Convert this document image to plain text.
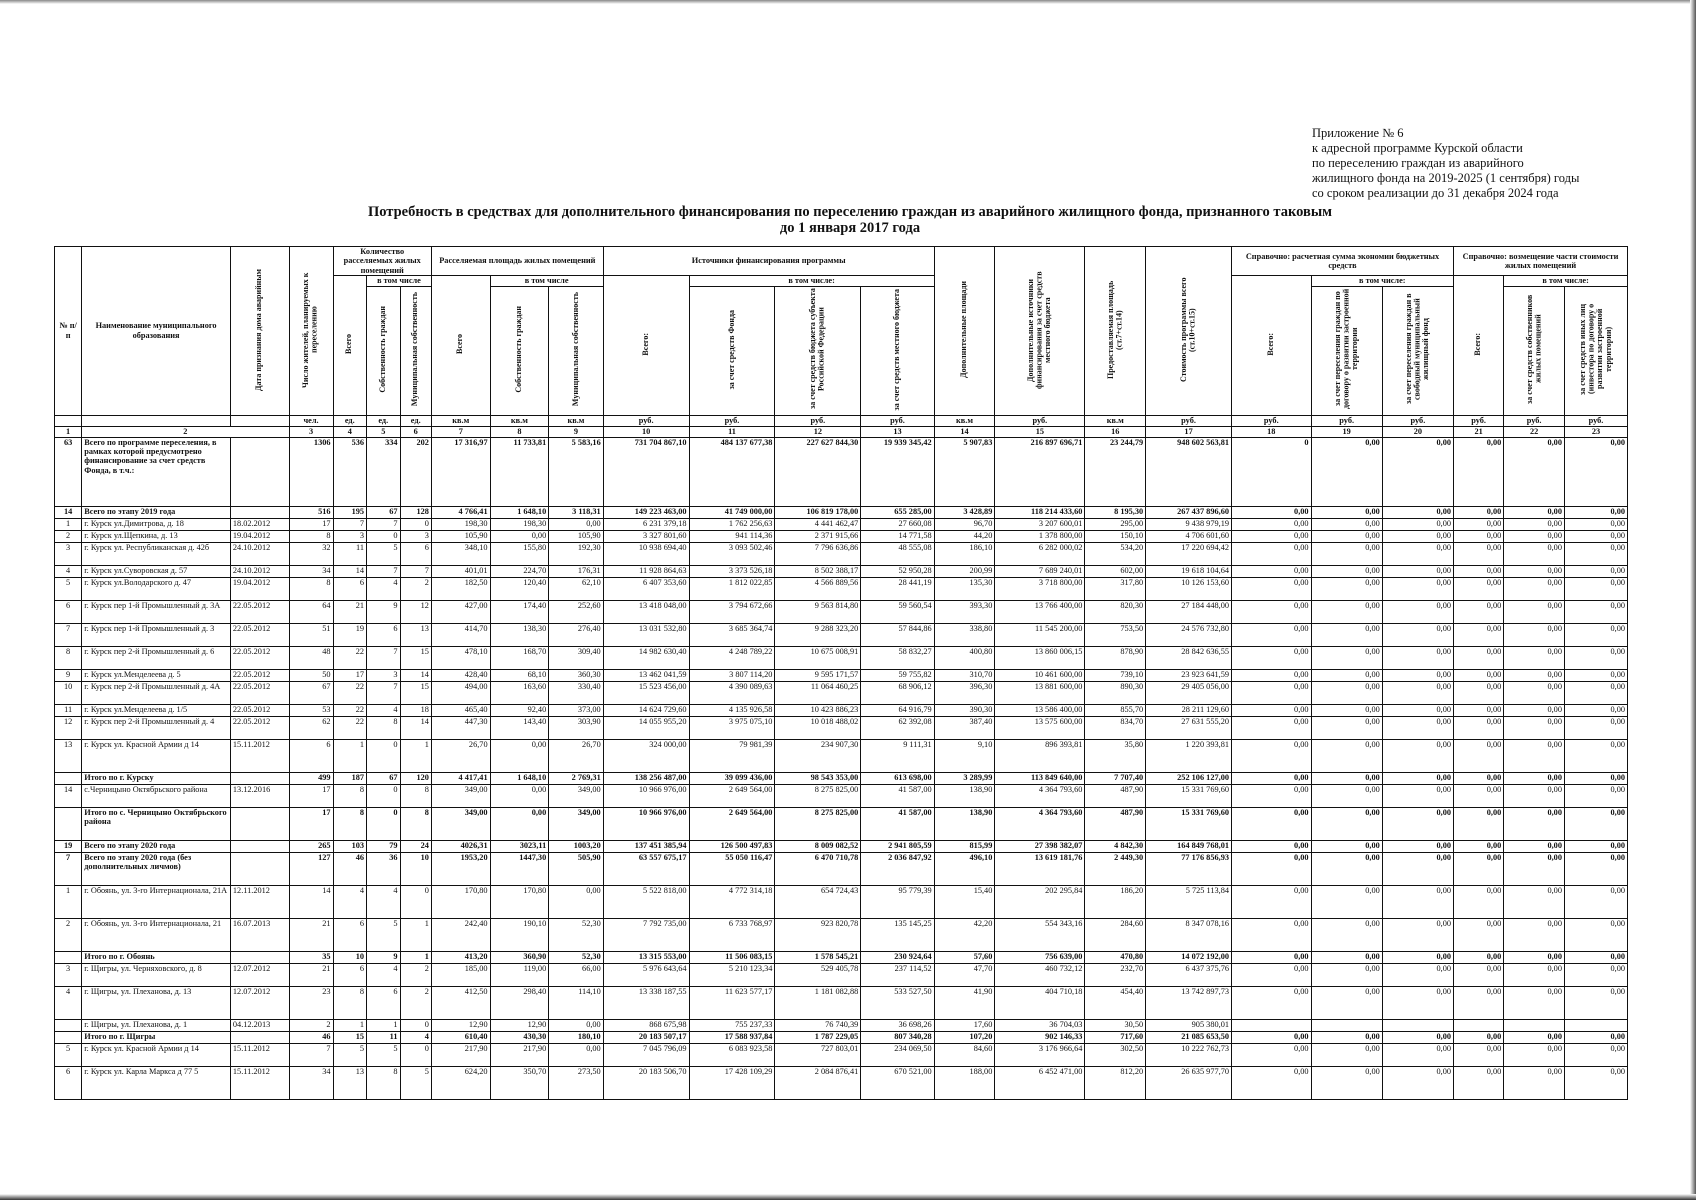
Приложение № 6
к адресной программе Курской области
по переселению граждан из аварийного
жилищного фонда на 2019-2025 (1 сентября) годы
со сроком реализации до 31 декабря 2024 года
Потребность в средствах для дополнительного финансирования по переселению граждан из аварийного жилищного фонда, признанного таковым
до 1 января 2017 года
№ п/п	Наименование муниципального образования	Дата признания дома аварийным	Число жителей, планируемых к переселению	Количество расселяемых жилых помещений			Расселяемая площадь жилых помещений			Источники финансирования программы				Дополнительные площади	Дополнительные источники финансирования за счет средств местного бюджета	Предоставляемая площадь (ст.7+ст.14)	Стоимость программы всего (ст.10+ст.15)	Справочно: расчетная сумма экономии бюджетных средств			Справочно: возмещение части стоимости жилых помещений		
				Всего	в том числе		Всего	в том числе		Всего:	в том числе:							Всего:	в том числе:		Всего:	в том числе:	
					Собственность граждан	Муниципальная собственность		Собственность граждан	Муниципальная собственность		за счет средств Фонда	за счет средств бюджета субъекта Российской Федерации	за счет средств местного бюджета						за счет переселения граждан по договору о развитии застроенной территории	за счет переселения граждан в свободный муниципальный жилищный фонд		за счет средств собственников жилых помещений	за счет средств иных лиц (инвестора по договору о развитии застроенной территории)
			чел.	ед.	ед.	ед.	кв.м	кв.м	кв.м	руб.	руб.	руб.	руб.	кв.м	руб.	кв.м	руб.	руб.	руб.	руб.	руб.	руб.	руб.
1	2		3	4	5	6	7	8	9	10	11	12	13	14	15	16	17	18	19	20	21	22	23
63	Всего по программе переселения, в рамках которой предусмотрено финансирование за счет средств Фонда, в т.ч.:		1306	536	334	202	17 316,97	11 733,81	5 583,16	731 704 867,10	484 137 677,38	227 627 844,30	19 939 345,42	5 907,83	216 897 696,71	23 244,79	948 602 563,81	0	0,00	0,00	0,00	0,00	0,00
14	Всего по этапу 2019 года		516	195	67	128	4 766,41	1 648,10	3 118,31	149 223 463,00	41 749 000,00	106 819 178,00	655 285,00	3 428,89	118 214 433,60	8 195,30	267 437 896,60	0,00	0,00	0,00	0,00	0,00	0,00
1	г. Курск ул.Димитрова, д. 18	18.02.2012	17	7	7	0	198,30	198,30	0,00	6 231 379,18	1 762 256,63	4 441 462,47	27 660,08	96,70	3 207 600,01	295,00	9 438 979,19	0,00	0,00	0,00	0,00	0,00	0,00
2	г. Курск ул.Щепкина, д. 13	19.04.2012	8	3	0	3	105,90	0,00	105,90	3 327 801,60	941 114,36	2 371 915,66	14 771,58	44,20	1 378 800,00	150,10	4 706 601,60	0,00	0,00	0,00	0,00	0,00	0,00
3	г. Курск ул. Республиканская д. 42б	24.10.2012	32	11	5	6	348,10	155,80	192,30	10 938 694,40	3 093 502,46	7 796 636,86	48 555,08	186,10	6 282 000,02	534,20	17 220 694,42	0,00	0,00	0,00	0,00	0,00	0,00
4	г. Курск ул.Суворовская д. 57	24.10.2012	34	14	7	7	401,01	224,70	176,31	11 928 864,63	3 373 526,18	8 502 388,17	52 950,28	200,99	7 689 240,01	602,00	19 618 104,64	0,00	0,00	0,00	0,00	0,00	0,00
5	г. Курск ул.Володарского д. 47	19.04.2012	8	6	4	2	182,50	120,40	62,10	6 407 353,60	1 812 022,85	4 566 889,56	28 441,19	135,30	3 718 800,00	317,80	10 126 153,60	0,00	0,00	0,00	0,00	0,00	0,00
6	г. Курск пер 1-й Промышленный д. 3А	22.05.2012	64	21	9	12	427,00	174,40	252,60	13 418 048,00	3 794 672,66	9 563 814,80	59 560,54	393,30	13 766 400,00	820,30	27 184 448,00	0,00	0,00	0,00	0,00	0,00	0,00
7	г. Курск пер 1-й Промышленный д. 3	22.05.2012	51	19	6	13	414,70	138,30	276,40	13 031 532,80	3 685 364,74	9 288 323,20	57 844,86	338,80	11 545 200,00	753,50	24 576 732,80	0,00	0,00	0,00	0,00	0,00	0,00
8	г. Курск пер 2-й Промышленный д. 6	22.05.2012	48	22	7	15	478,10	168,70	309,40	14 982 630,40	4 248 789,22	10 675 008,91	58 832,27	400,80	13 860 006,15	878,90	28 842 636,55	0,00	0,00	0,00	0,00	0,00	0,00
9	г. Курск ул.Менделеева д. 5	22.05.2012	50	17	3	14	428,40	68,10	360,30	13 462 041,59	3 807 114,20	9 595 171,57	59 755,82	310,70	10 461 600,00	739,10	23 923 641,59	0,00	0,00	0,00	0,00	0,00	0,00
10	г. Курск пер 2-й Промышленный д. 4А	22.05.2012	67	22	7	15	494,00	163,60	330,40	15 523 456,00	4 390 089,63	11 064 460,25	68 906,12	396,30	13 881 600,00	890,30	29 405 056,00	0,00	0,00	0,00	0,00	0,00	0,00
11	г. Курск ул.Менделеева д. 1/5	22.05.2012	53	22	4	18	465,40	92,40	373,00	14 624 729,60	4 135 926,58	10 423 886,23	64 916,79	390,30	13 586 400,00	855,70	28 211 129,60	0,00	0,00	0,00	0,00	0,00	0,00
12	г. Курск пер 2-й Промышленный д. 4	22.05.2012	62	22	8	14	447,30	143,40	303,90	14 055 955,20	3 975 075,10	10 018 488,02	62 392,08	387,40	13 575 600,00	834,70	27 631 555,20	0,00	0,00	0,00	0,00	0,00	0,00
13	г. Курск ул. Красной Армии д 14	15.11.2012	6	1	0	1	26,70	0,00	26,70	324 000,00	79 981,39	234 907,30	9 111,31	9,10	896 393,81	35,80	1 220 393,81	0,00	0,00	0,00	0,00	0,00	0,00
	Итого по г. Курску		499	187	67	120	4 417,41	1 648,10	2 769,31	138 256 487,00	39 099 436,00	98 543 353,00	613 698,00	3 289,99	113 849 640,00	7 707,40	252 106 127,00	0,00	0,00	0,00	0,00	0,00	0,00
14	с.Черницыно Октябрьского района	13.12.2016	17	8	0	8	349,00	0,00	349,00	10 966 976,00	2 649 564,00	8 275 825,00	41 587,00	138,90	4 364 793,60	487,90	15 331 769,60	0,00	0,00	0,00	0,00	0,00	0,00
	Итого по с. Черницыно Октябрьского района		17	8	0	8	349,00	0,00	349,00	10 966 976,00	2 649 564,00	8 275 825,00	41 587,00	138,90	4 364 793,60	487,90	15 331 769,60	0,00	0,00	0,00	0,00	0,00	0,00
19	Всего по этапу 2020 года		265	103	79	24	4026,31	3023,11	1003,20	137 451 385,94	126 500 497,83	8 009 082,52	2 941 805,59	815,99	27 398 382,07	4 842,30	164 849 768,01	0,00	0,00	0,00	0,00	0,00	0,00
7	Всего по этапу 2020 года (без дополнительных личмов)		127	46	36	10	1953,20	1447,30	505,90	63 557 675,17	55 050 116,47	6 470 710,78	2 036 847,92	496,10	13 619 181,76	2 449,30	77 176 856,93	0,00	0,00	0,00	0,00	0,00	0,00
1	г. Обоянь, ул. 3-го Интернационала, 21А	12.11.2012	14	4	4	0	170,80	170,80	0,00	5 522 818,00	4 772 314,18	654 724,43	95 779,39	15,40	202 295,84	186,20	5 725 113,84	0,00	0,00	0,00	0,00	0,00	0,00
2	г. Обоянь, ул. 3-го Интернационала, 21	16.07.2013	21	6	5	1	242,40	190,10	52,30	7 792 735,00	6 733 768,97	923 820,78	135 145,25	42,20	554 343,16	284,60	8 347 078,16	0,00	0,00	0,00	0,00	0,00	0,00
	Итого по г. Обоянь		35	10	9	1	413,20	360,90	52,30	13 315 553,00	11 506 083,15	1 578 545,21	230 924,64	57,60	756 639,00	470,80	14 072 192,00	0,00	0,00	0,00	0,00	0,00	0,00
3	г. Щигры, ул. Черняховского, д. 8	12.07.2012	21	6	4	2	185,00	119,00	66,00	5 976 643,64	5 210 123,34	529 405,78	237 114,52	47,70	460 732,12	232,70	6 437 375,76	0,00	0,00	0,00	0,00	0,00	0,00
4	г. Щигры, ул. Плеханова, д. 13	12.07.2012	23	8	6	2	412,50	298,40	114,10	13 338 187,55	11 623 577,17	1 181 082,88	533 527,50	41,90	404 710,18	454,40	13 742 897,73	0,00	0,00	0,00	0,00	0,00	0,00
	г. Щигры, ул. Плеханова, д. 1	04.12.2013	2	1	1	0	12,90	12,90	0,00	868 675,98	755 237,33	76 740,39	36 698,26	17,60	36 704,03	30,50	905 380,01						
	Итого по г. Щигры		46	15	11	4	610,40	430,30	180,10	20 183 507,17	17 588 937,84	1 787 229,05	807 340,28	107,20	902 146,33	717,60	21 085 653,50	0,00	0,00	0,00	0,00	0,00	0,00
5	г. Курск ул. Красной Армии д 14	15.11.2012	7	5	5	0	217,90	217,90	0,00	7 045 796,09	6 083 923,58	727 803,01	234 069,50	84,60	3 176 966,64	302,50	10 222 762,73	0,00	0,00	0,00	0,00	0,00	0,00
6	г. Курск ул. Карла Маркса д 77 5	15.11.2012	34	13	8	5	624,20	350,70	273,50	20 183 506,70	17 428 109,29	2 084 876,41	670 521,00	188,00	6 452 471,00	812,20	26 635 977,70	0,00	0,00	0,00	0,00	0,00	0,00
